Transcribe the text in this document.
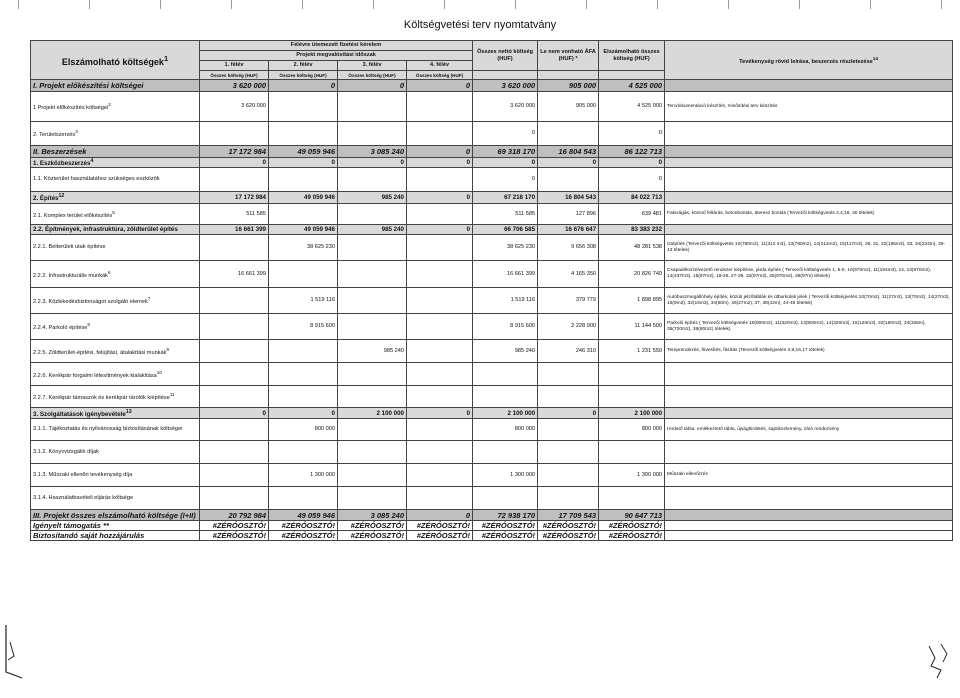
Költségvetési terv nyomtatvány
Elszámolható költségek$^1$	Félévre ütemezett fizetési kérelem				Összes nettó költség (HUF)	Le nem vonható ÁFA (HUF) *	Elszámolható összes költség (HUF)	Tevékenység rövid leírása, beszerzés részletezése$^{14}$
	Projekt megvalósítási időszak							
	1. félév	2. félév	3. félév	4. félév				
	Összes költség (HUF)	Összes költség (HUF)	Összes költség (HUF)	Összes költség (HUF)				
I. Projekt előkészítési költségei	3 620 000	0	0	0	3 620 000	905 000	4 525 000	
1 Projekt előkészítés költségei$^2$	3 620 000				3 620 000	905 000	4 525 000	Tervdokumentáció készítés, minősítési terv készítés
2. Területszerzés$^3$					0		0	
II. Beszerzések	17 172 984	49 059 946	3 085 240	0	69 318 170	16 804 543	86 122 713	
1. Eszközbeszerzés$^4$	0	0	0	0	0	0	0	
1.1. Közterület használatához szükséges eszközök					0		0	
2. Építés$^{12}$	17 172 984	49 059 946	985 240	0	67 218 170	16 804 543	84 022 713	
2.1. Komplex terület előkészítés$^5$	511 585				511 585	127 896	639 481	Fakivágás, közmű feltárás, betonbontás, áteresz bontás (Tervezői költségvetés 2,4,18, 30 tételek)
2.2. Építmények, infrastruktúra, zöldterület építés	16 661 399	49 059 946	985 240	0	66 706 585	16 676 647	83 383 232	
2.2.1. Belterületi utak építése		38 625 230			38 625 230	9 656 308	48 281 538	Útépítés (Tervezői költségvetés 10(780m2), 11(312 m3), 13(780m2), 14(312m3), 15(117m3), 26, 31, 32(195m3), 33, 34(234m), 39-43 tételek)
2.2.2. Infrastrukturális munkák$^6$	16 661 399				16 661 399	4 165 350	20 826 749	Csapadékvízelvezető rendszer kiépítése, járda építés ( Tervezői költségvetés 1, 5-8, 10(970m2), 11(194m3), 12, 13(970m2), 14(437m3), 15(97m3), 19-25, 27-29, 32(97m3), 35(970m2), 36(97m) tételek)
2.2.3. Közlekedésbiztonságot szolgáló elemek$^7$		1 519 116			1 519 116	379 779	1 898 895	Autóbuszmegállóhely építés, közúti jelzőtáblák és útburkolati jelek ( Tervezői költségvetés 10(70m2), 11(27m3), 13(70m2), 14(27m3), 15(9m3), 32(15m3), 34(60m), 36(27m2), 37, 38(42m), 44-46 tételek)
2.2.4. Parkoló építése$^8$		8 915 600			8 915 600	2 228 900	11 144 500	Parkoló építés ( Tervezői költségvetés 10(800m2), 11(320m3), 13(800m2), 14(320m3), 15(120m3), 32(160m3), 34(328m), 35(720m2), 36(80m2) tételek)
2.2.5. Zöldterület-építési, felújítási, átalakítási munkák$^9$			985 240		985 240	246 310	1 231 550	Tereprendezés, füvesítés, fásítás (Tervezői költségvetés 3,9,16,17 tételek)
2.2.6. Kerékpár forgalmi létesítmények kialakítása$^{10}$								
2.2.7. Kerékpár támaszok és kerékpár tárolók kiépítése$^{11}$								
3. Szolgáltatások igénybevétele$^{13}$	0	0	2 100 000	0	2 100 000	0	2 100 000	
3.1.1. Tájékoztatás és nyilvánosság biztosításának költségei		800 000			800 000		800 000	Hirdető tábla, emlékeztető tábla, újsághirdetés, sajtóközlemény, záró rendezvény
3.1.2. Könyvvizsgálói díjak								
3.1.3. Műszaki ellenőri tevékenység díja		1 300 000			1 300 000		1 300 000	Műszaki ellenőrzés
3.1.4. Használatbavételi eljárás költsége								
III. Projekt összes elszámolható költsége (I+II)	20 792 984	49 059 946	3 085 240	0	72 938 170	17 709 543	90 647 713	
Igényelt támogatás **	#ZÉRÓOSZTÓ!	#ZÉRÓOSZTÓ!	#ZÉRÓOSZTÓ!	#ZÉRÓOSZTÓ!	#ZÉRÓOSZTÓ!	#ZÉRÓOSZTÓ!	#ZÉRÓOSZTÓ!	
Biztosítandó saját hozzájárulás	#ZÉRÓOSZTÓ!	#ZÉRÓOSZTÓ!	#ZÉRÓOSZTÓ!	#ZÉRÓOSZTÓ!	#ZÉRÓOSZTÓ!	#ZÉRÓOSZTÓ!	#ZÉRÓOSZTÓ!	
